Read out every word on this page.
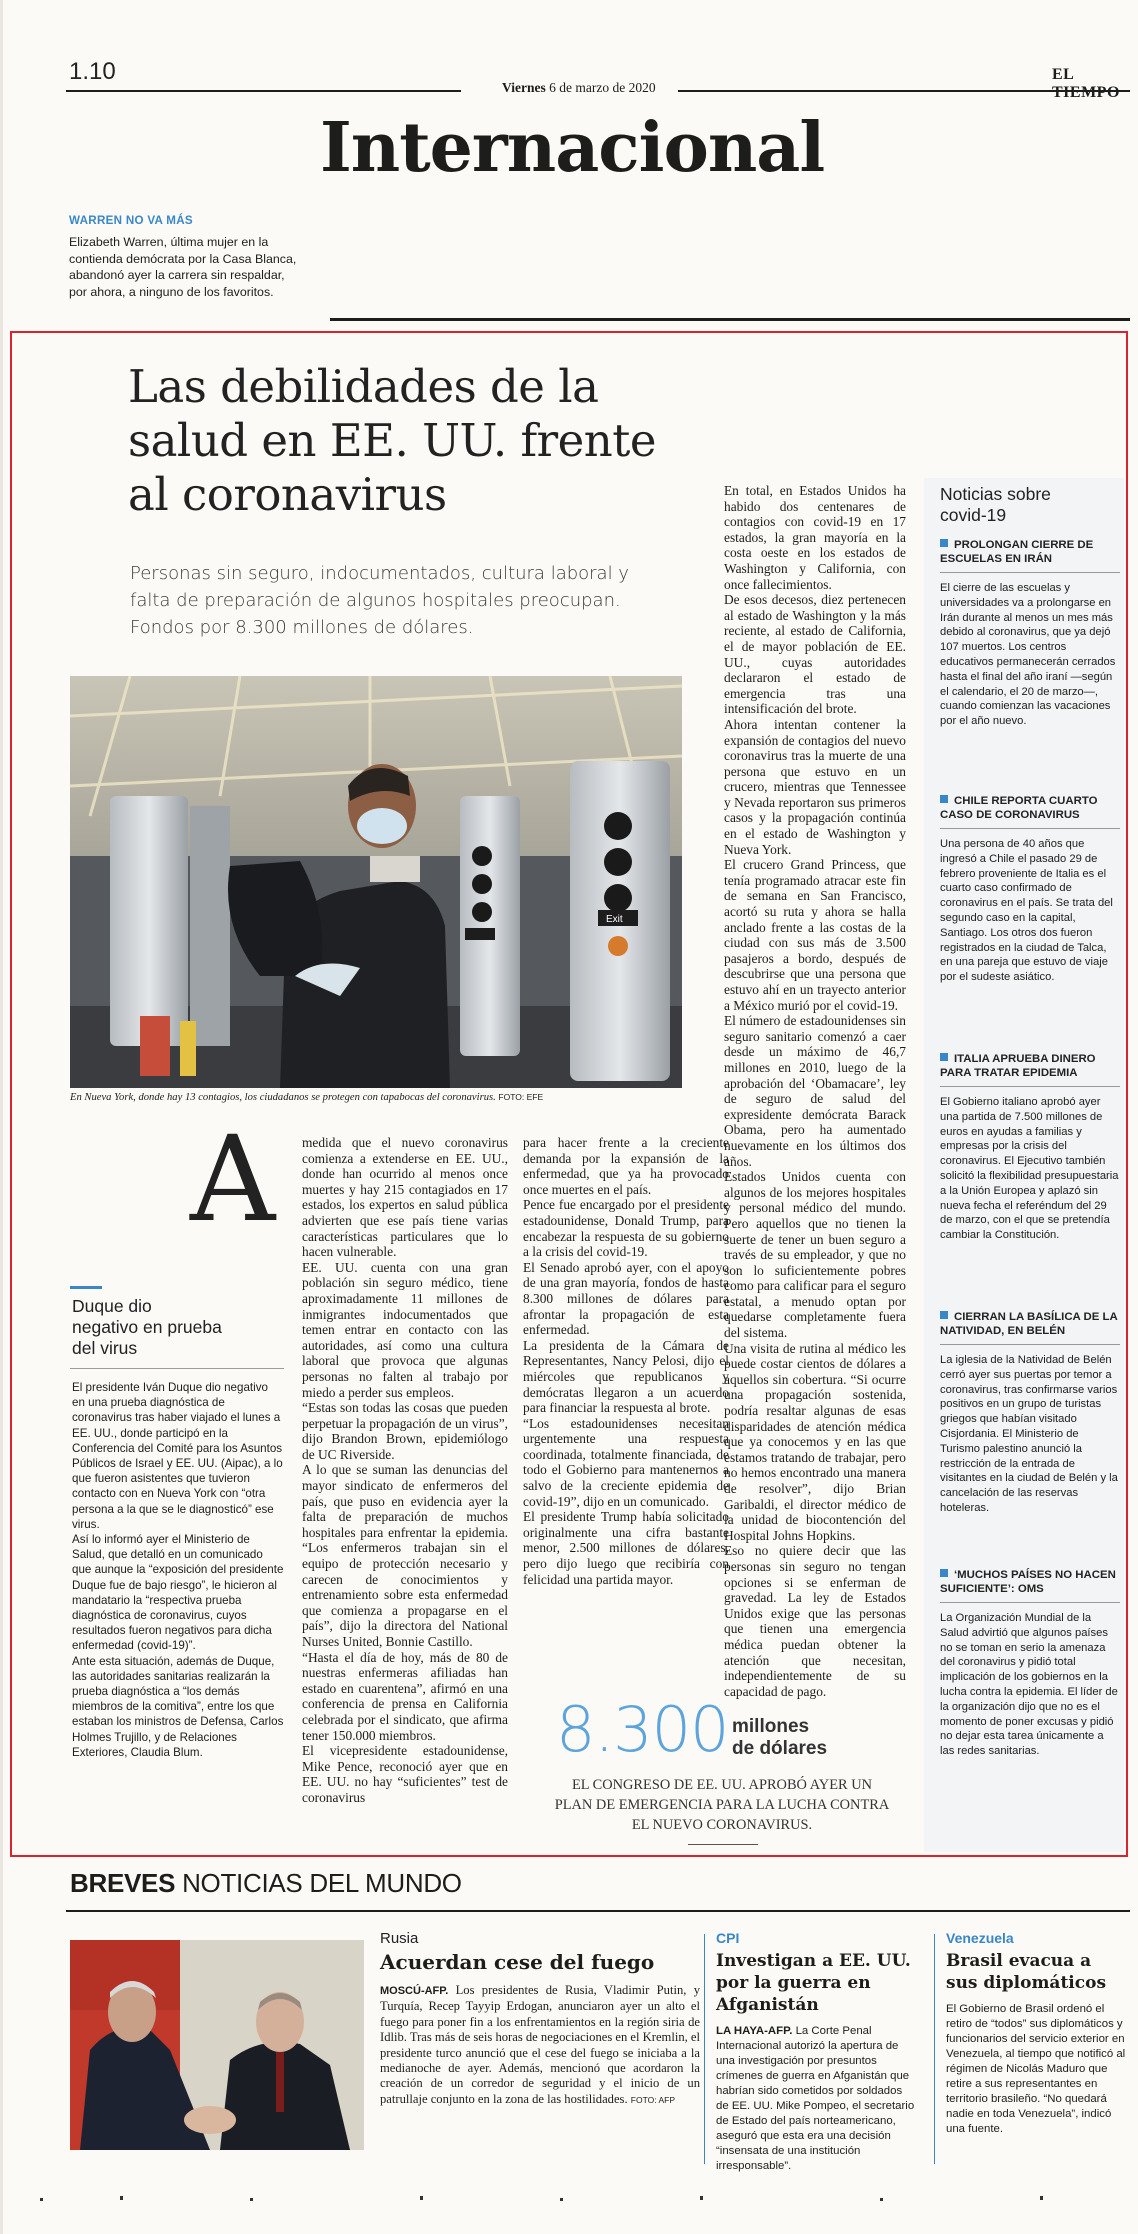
1.10
Viernes 6 de marzo de 2020
EL TIEMPO
Internacional
WARREN NO VA MÁS
Elizabeth Warren, última mujer en la contienda demócrata por la Casa Blanca, abandonó ayer la carrera sin respaldar, por ahora, a ninguno de los favoritos.
Las debilidades de la salud en EE. UU. frente al coronavirus
Personas sin seguro, indocumentados, cultura laboral y falta de preparación de algunos hospitales preocupan. Fondos por 8.300 millones de dólares.
Exit
En Nueva York, donde hay 13 contagios, los ciudadanos se protegen con tapabocas del coronavirus. FOTO: EFE
A medida que el nuevo coronavirus comienza a extenderse en EE. UU., donde han ocurrido al menos once muertes y hay 215 contagiados en 17 estados, los expertos en salud pública advierten que ese país tiene varias características particulares que lo hacen vulnerable.
EE. UU. cuenta con una gran población sin seguro médico, tiene aproximadamente 11 millones de inmigrantes indocumentados que temen entrar en contacto con las autoridades, así como una cultura laboral que provoca que algunas personas no falten al trabajo por miedo a perder sus empleos.
“Estas son todas las cosas que pueden perpetuar la propagación de un virus”, dijo Brandon Brown, epidemiólogo de UC Riverside.
A lo que se suman las denuncias del mayor sindicato de enfermeros del país, que puso en evidencia ayer la falta de preparación de muchos hospitales para enfrentar la epidemia. “Los enfermeros trabajan sin el equipo de protección necesario y carecen de conocimientos y entrenamiento sobre esta enfermedad que comienza a propagarse en el país”, dijo la directora del National Nurses United, Bonnie Castillo.
“Hasta el día de hoy, más de 80 de nuestras enfermeras afiliadas han estado en cuarentena”, afirmó en una conferencia de prensa en California celebrada por el sindicato, que afirma tener 150.000 miembros.
El vicepresidente estadounidense, Mike Pence, reconoció ayer que en EE. UU. no hay “suficientes” test de coronavirus
para hacer frente a la creciente demanda por la expansión de la enfermedad, que ya ha provocado once muertes en el país.
Pence fue encargado por el presidente estadounidense, Donald Trump, para encabezar la respuesta de su gobierno a la crisis del covid-19.
El Senado aprobó ayer, con el apoyo de una gran mayoría, fondos de hasta 8.300 millones de dólares para afrontar la propagación de esta enfermedad.
La presidenta de la Cámara de Representantes, Nancy Pelosi, dijo el miércoles que republicanos y demócratas llegaron a un acuerdo para financiar la respuesta al brote.
“Los estadounidenses necesitan urgentemente una respuesta coordinada, totalmente financiada, de todo el Gobierno para mantenernos a salvo de la creciente epidemia de covid-19”, dijo en un comunicado.
El presidente Trump había solicitado originalmente una cifra bastante menor, 2.500 millones de dólares, pero dijo luego que recibiría con felicidad una partida mayor.
En total, en Estados Unidos ha habido dos centenares de contagios con covid-19 en 17 estados, la gran mayoría en la costa oeste en los estados de Washington y California, con once fallecimientos.
De esos decesos, diez pertenecen al estado de Washington y la más reciente, al estado de California, el de mayor población de EE. UU., cuyas autoridades declararon el estado de emergencia tras una intensificación del brote.
Ahora intentan contener la expansión de contagios del nuevo coronavirus tras la muerte de una persona que estuvo en un crucero, mientras que Tennessee y Nevada reportaron sus primeros casos y la propagación continúa en el estado de Washington y Nueva York.
El crucero Grand Princess, que tenía programado atracar este fin de semana en San Francisco, acortó su ruta y ahora se halla anclado frente a las costas de la ciudad con sus más de 3.500 pasajeros a bordo, después de descubrirse que una persona que estuvo ahí en un trayecto anterior a México murió por el covid-19.
El número de estadounidenses sin seguro sanitario comenzó a caer desde un máximo de 46,7 millones en 2010, luego de la aprobación del ‘Obamacare’, ley de seguro de salud del expresidente demócrata Barack Obama, pero ha aumentado nuevamente en los últimos dos años.
Estados Unidos cuenta con algunos de los mejores hospitales y personal médico del mundo. Pero aquellos que no tienen la suerte de tener un buen seguro a través de su empleador, y que no son lo suficientemente pobres como para calificar para el seguro estatal, a menudo optan por quedarse completamente fuera del sistema.
Una visita de rutina al médico les puede costar cientos de dólares a aquellos sin cobertura. “Si ocurre una propagación sostenida, podría resaltar algunas de esas disparidades de atención médica que ya conocemos y en las que estamos tratando de trabajar, pero no hemos encontrado una manera de resolver”, dijo Brian Garibaldi, el director médico de la unidad de biocontención del Hospital Johns Hopkins.
Eso no quiere decir que las personas sin seguro no tengan opciones si se enferman de gravedad. La ley de Estados Unidos exige que las personas que tienen una emergencia médica puedan obtener la atención que necesitan, independientemente de su capacidad de pago.
Duque dio negativo en prueba del virus
El presidente Iván Duque dio negativo en una prueba diagnóstica de coronavirus tras haber viajado el lunes a EE. UU., donde participó en la Conferencia del Comité para los Asuntos Públicos de Israel y EE. UU. (Aipac), a lo que fueron asistentes que tuvieron contacto con en Nueva York con “otra persona a la que se le diagnosticó” ese virus.
Así lo informó ayer el Ministerio de Salud, que detalló en un comunicado que aunque la “exposición del presidente Duque fue de bajo riesgo”, le hicieron al mandatario la “respectiva prueba diagnóstica de coronavirus, cuyos resultados fueron negativos para dicha enfermedad (covid-19)”.
Ante esta situación, además de Duque, las autoridades sanitarias realizarán la prueba diagnóstica a “los demás miembros de la comitiva”, entre los que estaban los ministros de Defensa, Carlos Holmes Trujillo, y de Relaciones Exteriores, Claudia Blum.	8.300 millones
de dólares
EL CONGRESO DE EE. UU. APROBÓ AYER UN PLAN DE EMERGENCIA PARA LA LUCHA CONTRA EL NUEVO CORONAVIRUS.
Noticias sobre covid-19
PROLONGAN CIERRE DE ESCUELAS EN IRÁN
El cierre de las escuelas y universidades va a prolongarse en Irán durante al menos un mes más debido al coronavirus, que ya dejó 107 muertos. Los centros educativos permanecerán cerrados hasta el final del año iraní —según el calendario, el 20 de marzo—, cuando comienzan las vacaciones por el año nuevo.
CHILE REPORTA CUARTO CASO DE CORONAVIRUS
Una persona de 40 años que ingresó a Chile el pasado 29 de febrero proveniente de Italia es el cuarto caso confirmado de coronavirus en el país. Se trata del segundo caso en la capital, Santiago. Los otros dos fueron registrados en la ciudad de Talca, en una pareja que estuvo de viaje por el sudeste asiático.
ITALIA APRUEBA DINERO PARA TRATAR EPIDEMIA
El Gobierno italiano aprobó ayer una partida de 7.500 millones de euros en ayudas a familias y empresas por la crisis del coronavirus. El Ejecutivo también solicitó la flexibilidad presupuestaria a la Unión Europea y aplazó sin nueva fecha el referéndum del 29 de marzo, con el que se pretendía cambiar la Constitución.
CIERRAN LA BASÍLICA DE LA NATIVIDAD, EN BELÉN
La iglesia de la Natividad de Belén cerró ayer sus puertas por temor a coronavirus, tras confirmarse varios positivos en un grupo de turistas griegos que habían visitado Cisjordania. El Ministerio de Turismo palestino anunció la restricción de la entrada de visitantes en la ciudad de Belén y la cancelación de las reservas hoteleras.
‘MUCHOS PAÍSES NO HACEN SUFICIENTE’: OMS
La Organización Mundial de la Salud advirtió que algunos países no se toman en serio la amenaza del coronavirus y pidió total implicación de los gobiernos en la lucha contra la epidemia. El líder de la organización dijo que no es el momento de poner excusas y pidió no dejar esta tarea únicamente a las redes sanitarias.
BREVES NOTICIAS DEL MUNDO
Rusia
Acuerdan cese del fuego
MOSCÚ-AFP. Los presidentes de Rusia, Vladimir Putin, y Turquía, Recep Tayyip Erdogan, anunciaron ayer un alto el fuego para poner fin a los enfrentamientos en la región siria de Idlib. Tras más de seis horas de negociaciones en el Kremlin, el presidente turco anunció que el cese del fuego se iniciaba a la medianoche de ayer. Además, mencionó que acordaron la creación de un corredor de seguridad y el inicio de un patrullaje conjunto en la zona de las hostilidades. FOTO: AFP
CPI
Investigan a EE. UU. por la guerra en Afganistán
LA HAYA-AFP. La Corte Penal Internacional autorizó la apertura de una investigación por presuntos crímenes de guerra en Afganistán que habrían sido cometidos por soldados de EE. UU. Mike Pompeo, el secretario de Estado del país norteamericano, aseguró que esta era una decisión “insensata de una institución irresponsable”.
Venezuela
Brasil evacua a sus diplomáticos
El Gobierno de Brasil ordenó el retiro de “todos” sus diplomáticos y funcionarios del servicio exterior en Venezuela, al tiempo que notificó al régimen de Nicolás Maduro que retire a sus representantes en territorio brasileño. “No quedará nadie en toda Venezuela”, indicó una fuente.
